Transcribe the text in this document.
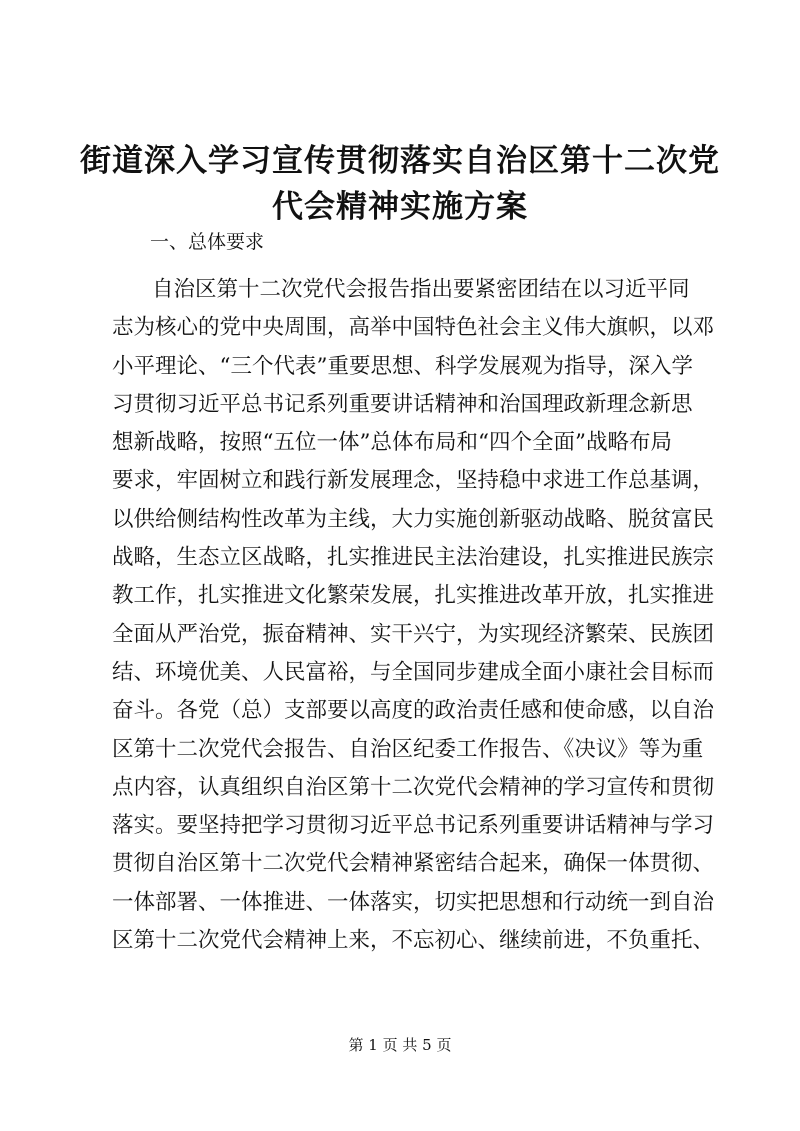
街道深入学习宣传贯彻落实自治区第十二次党
代会精神实施方案
一、总体要求
自治区第十二次党代会报告指出要紧密团结在以习近平同
志为核心的党中央周围，高举中国特色社会主义伟大旗帜，以邓
小平理论、“三个代表”重要思想、科学发展观为指导，深入学
习贯彻习近平总书记系列重要讲话精神和治国理政新理念新思
想新战略，按照“五位一体”总体布局和“四个全面”战略布局
要求，牢固树立和践行新发展理念，坚持稳中求进工作总基调，
以供给侧结构性改革为主线，大力实施创新驱动战略、脱贫富民
战略，生态立区战略，扎实推进民主法治建设，扎实推进民族宗
教工作，扎实推进文化繁荣发展，扎实推进改革开放，扎实推进
全面从严治党，振奋精神、实干兴宁，为实现经济繁荣、民族团
结、环境优美、人民富裕，与全国同步建成全面小康社会目标而
奋斗。各党（总）支部要以高度的政治责任感和使命感，以自治
区第十二次党代会报告、自治区纪委工作报告、《决议》等为重
点内容，认真组织自治区第十二次党代会精神的学习宣传和贯彻
落实。要坚持把学习贯彻习近平总书记系列重要讲话精神与学习
贯彻自治区第十二次党代会精神紧密结合起来，确保一体贯彻、
一体部署、一体推进、一体落实，切实把思想和行动统一到自治
区第十二次党代会精神上来，不忘初心、继续前进，不负重托、
第 1 页 共 5 页
